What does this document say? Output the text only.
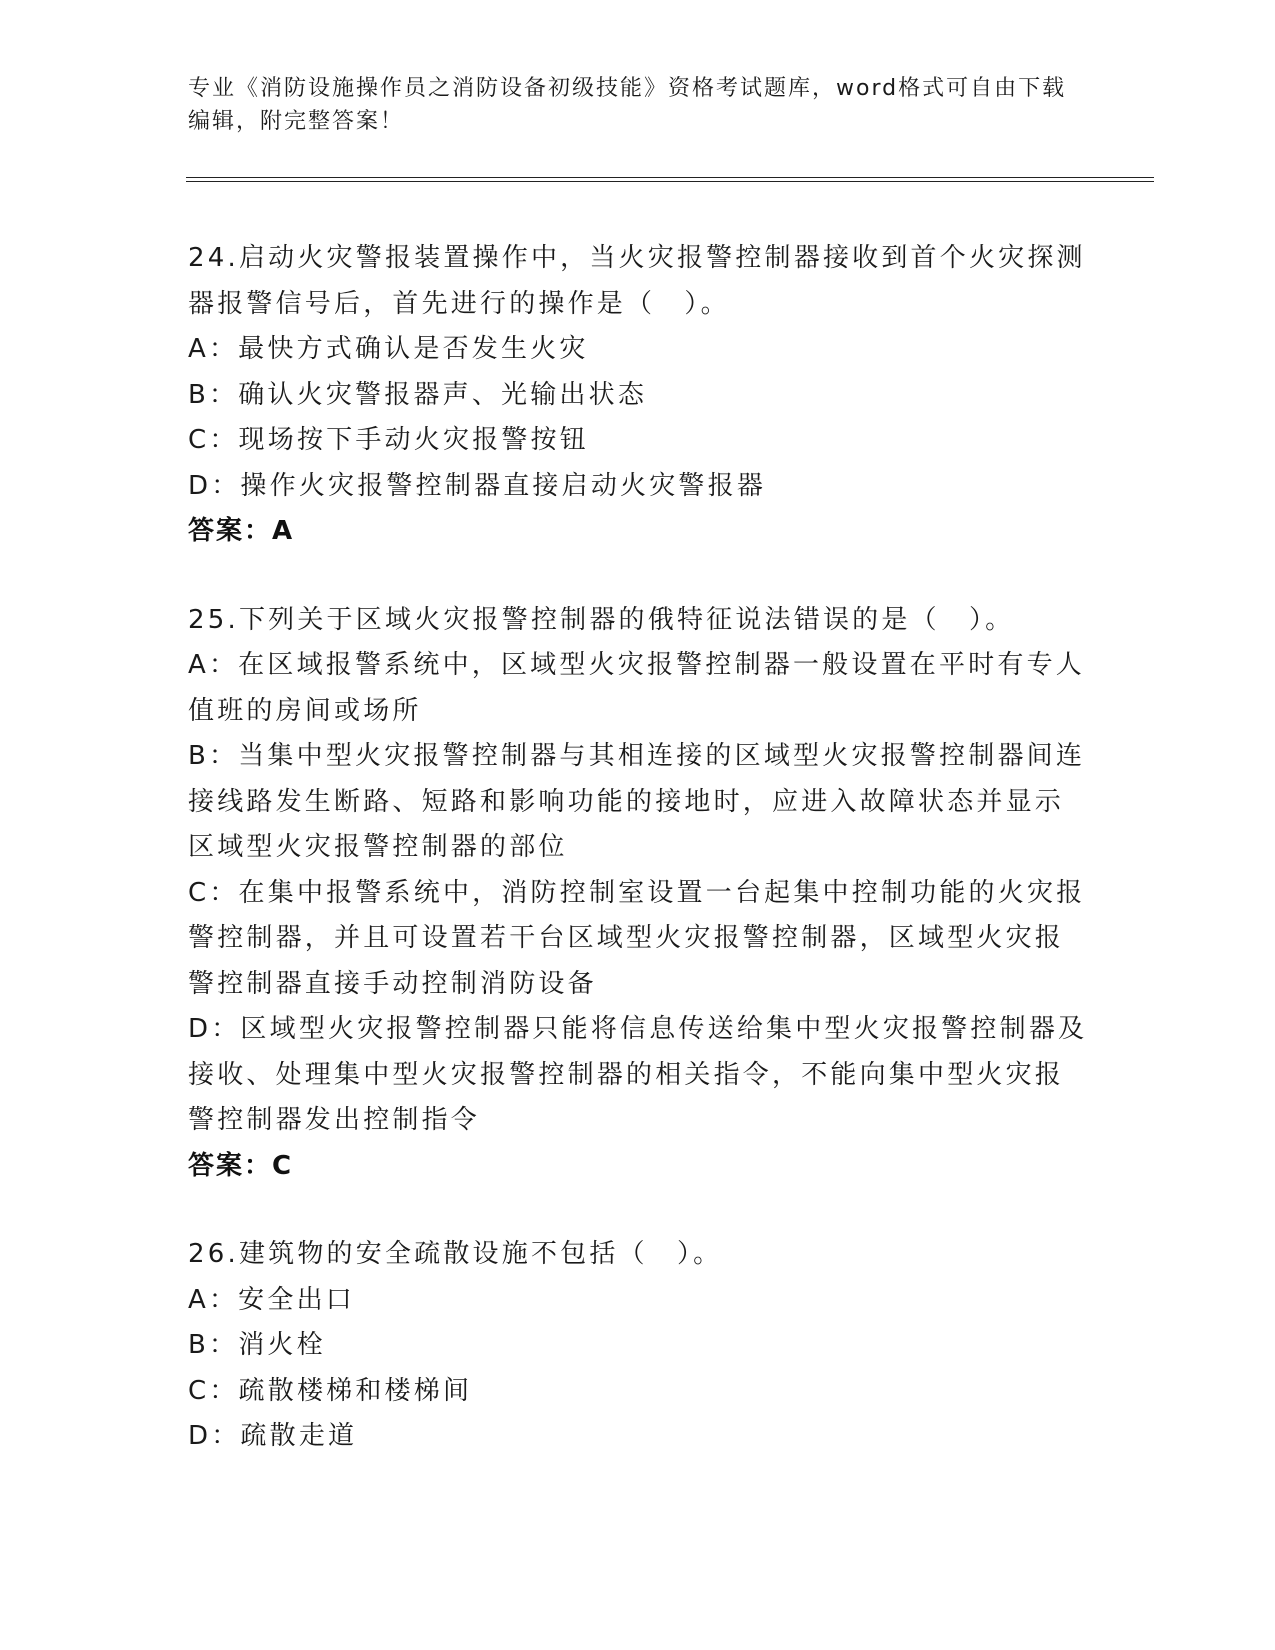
专业《消防设施操作员之消防设备初级技能》资格考试题库，word格式可自由下载编辑，附完整答案！
24.启动火灾警报装置操作中，当火灾报警控制器接收到首个火灾探测器报警信号后，首先进行的操作是（　）。
A：最快方式确认是否发生火灾
B：确认火灾警报器声、光输出状态
C：现场按下手动火灾报警按钮
D：操作火灾报警控制器直接启动火灾警报器
答案：A
25.下列关于区域火灾报警控制器的俄特征说法错误的是（　）。
A：在区域报警系统中，区域型火灾报警控制器一般设置在平时有专人值班的房间或场所
B：当集中型火灾报警控制器与其相连接的区域型火灾报警控制器间连接线路发生断路、短路和影响功能的接地时，应进入故障状态并显示区域型火灾报警控制器的部位
C：在集中报警系统中，消防控制室设置一台起集中控制功能的火灾报警控制器，并且可设置若干台区域型火灾报警控制器，区域型火灾报警控制器直接手动控制消防设备
D：区域型火灾报警控制器只能将信息传送给集中型火灾报警控制器及接收、处理集中型火灾报警控制器的相关指令，不能向集中型火灾报警控制器发出控制指令
答案：C
26.建筑物的安全疏散设施不包括（　）。
A：安全出口
B：消火栓
C：疏散楼梯和楼梯间
D：疏散走道
